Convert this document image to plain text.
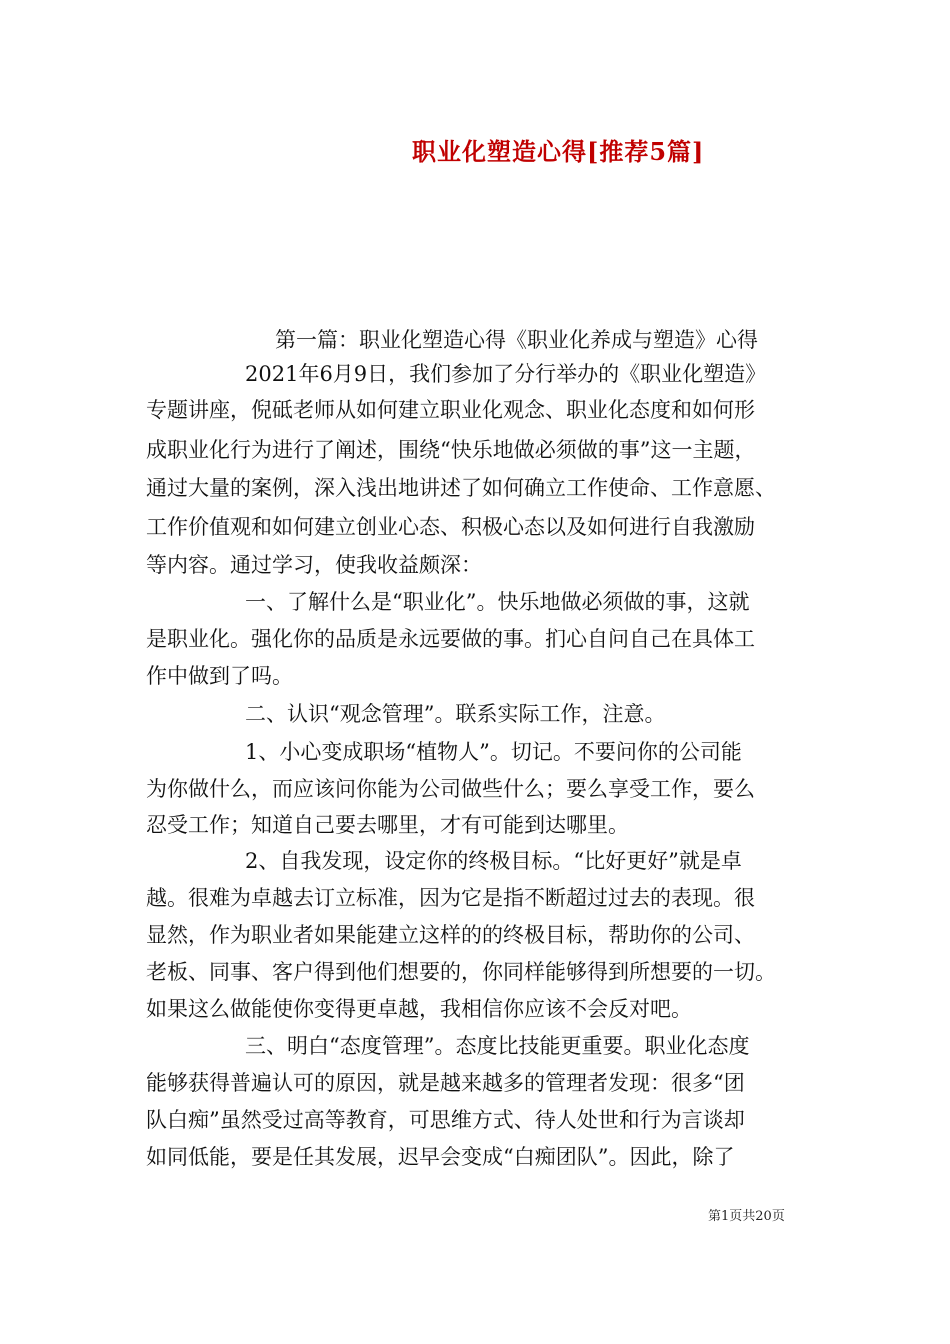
职业化塑造心得[推荐5篇]
第一篇：职业化塑造心得《职业化养成与塑造》心得
2021年6月9日，我们参加了分行举办的《职业化塑造》
专题讲座，倪砥老师从如何建立职业化观念、职业化态度和如何形
成职业化行为进行了阐述，围绕“快乐地做必须做的事”这一主题，
通过大量的案例，深入浅出地讲述了如何确立工作使命、工作意愿、
工作价值观和如何建立创业心态、积极心态以及如何进行自我激励
等内容。通过学习，使我收益颇深：
一、了解什么是“职业化”。快乐地做必须做的事，这就
是职业化。强化你的品质是永远要做的事。扪心自问自己在具体工
作中做到了吗。
二、认识“观念管理”。联系实际工作，注意。
1、小心变成职场“植物人”。切记。不要问你的公司能
为你做什么，而应该问你能为公司做些什么；要么享受工作，要么
忍受工作；知道自己要去哪里，才有可能到达哪里。
2、自我发现，设定你的终极目标。“比好更好”就是卓
越。很难为卓越去订立标准，因为它是指不断超过过去的表现。很
显然，作为职业者如果能建立这样的的终极目标，帮助你的公司、
老板、同事、客户得到他们想要的，你同样能够得到所想要的一切。
如果这么做能使你变得更卓越，我相信你应该不会反对吧。
三、明白“态度管理”。态度比技能更重要。职业化态度
能够获得普遍认可的原因，就是越来越多的管理者发现：很多“团
队白痴”虽然受过高等教育，可思维方式、待人处世和行为言谈却
如同低能，要是任其发展，迟早会变成“白痴团队”。因此，除了
第1页共20页
